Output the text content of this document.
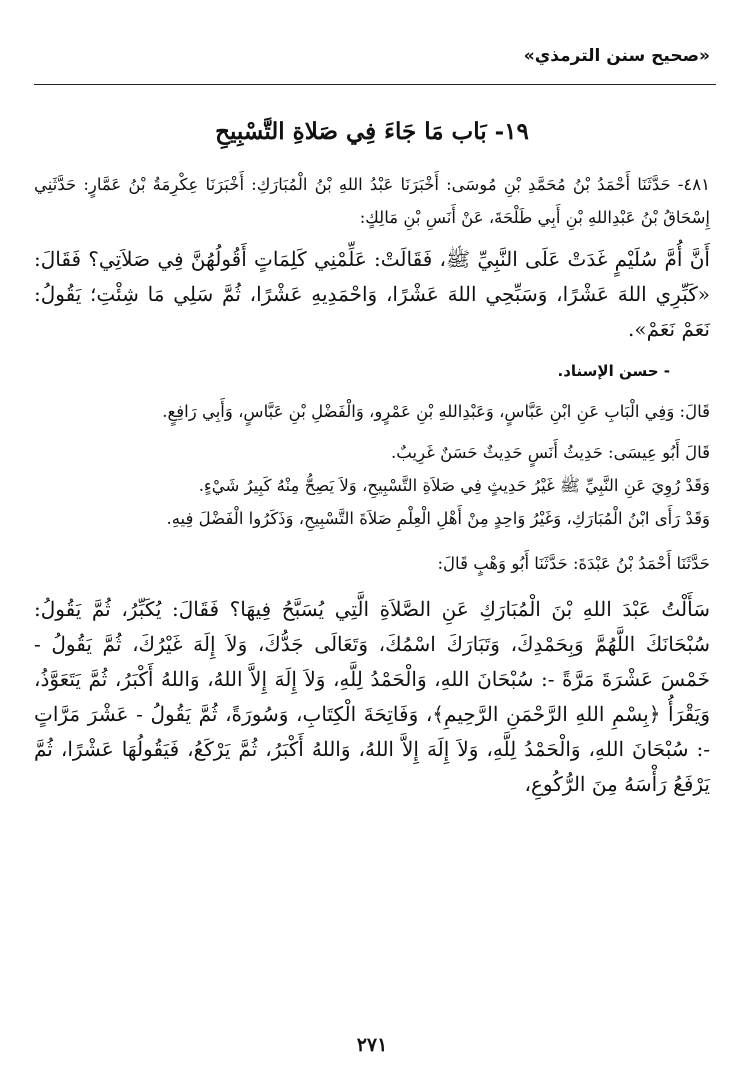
«صحيح سنن الترمذي»
١٩- بَاب مَا جَاءَ فِي صَلاةِ التَّسْبِيحِ

٤٨١- حَدَّثَنَا أَحْمَدُ بْنُ مُحَمَّدِ بْنِ مُوسَى: أَخْبَرَنَا عَبْدُ اللهِ بْنُ الْمُبَارَكِ: أَخْبَرَنَا عِكْرِمَةُ بْنُ عَمَّارٍ: حَدَّثَنِي إِسْحَاقُ بْنُ عَبْدِاللهِ بْنِ أَبِي طَلْحَةَ، عَنْ أَنَسِ بْنِ مَالِكٍ:

أَنَّ أُمَّ سُلَيْمٍ غَدَتْ عَلَى النَّبِيِّ ﷺ، فَقَالَتْ: عَلِّمْنِي كَلِمَاتٍ أَقُولُهُنَّ فِي صَلاَتِي؟ فَقَالَ: «كَبِّرِي اللهَ عَشْرًا، وَسَبِّحِي اللهَ عَشْرًا، وَاحْمَدِيهِ عَشْرًا، ثُمَّ سَلِي مَا شِئْتِ؛ يَقُولُ: نَعَمْ نَعَمْ».

- حسن الإسناد.

قَالَ: وَفِي الْبَابِ عَنِ ابْنِ عَبَّاسٍ، وَعَبْدِاللهِ بْنِ عَمْرٍو، وَالْفَضْلِ بْنِ عَبَّاسٍ، وَأَبِي رَافِعٍ.

قَالَ أَبُو عِيسَى: حَدِيثُ أَنَسٍ حَدِيثٌ حَسَنٌ غَرِيبٌ.

وَقَدْ رُوِيَ عَنِ النَّبِيِّ ﷺ غَيْرُ حَدِيثٍ فِي صَلاَةِ التَّسْبِيحِ، وَلاَ يَصِحُّ مِنْهُ كَبِيرُ شَيْءٍ.

وَقَدْ رَأَى ابْنُ الْمُبَارَكِ، وَغَيْرُ وَاحِدٍ مِنْ أَهْلِ الْعِلْمِ صَلاَةَ التَّسْبِيحِ، وَذَكَرُوا الْفَضْلَ فِيهِ.

حَدَّثَنَا أَحْمَدُ بْنُ عَبْدَةَ: حَدَّثَنَا أَبُو وَهْبٍ قَالَ:

سَأَلْتُ عَبْدَ اللهِ بْنَ الْمُبَارَكِ عَنِ الصَّلاَةِ الَّتِي يُسَبَّحُ فِيهَا؟ فَقَالَ: يُكَبِّرُ، ثُمَّ يَقُولُ: سُبْحَانَكَ اللَّهُمَّ وَبِحَمْدِكَ، وَتَبَارَكَ اسْمُكَ، وَتَعَالَى جَدُّكَ، وَلاَ إِلَهَ غَيْرُكَ، ثُمَّ يَقُولُ - خَمْسَ عَشْرَةَ مَرَّةً -: سُبْحَانَ اللهِ، وَالْحَمْدُ لِلَّهِ، وَلاَ إِلَهَ إِلاَّ اللهُ، وَاللهُ أَكْبَرُ، ثُمَّ يَتَعَوَّذُ، وَيَقْرَأُ ﴿بِسْمِ اللهِ الرَّحْمَنِ الرَّحِيمِ﴾، وَفَاتِحَةَ الْكِتَابِ، وَسُورَةً، ثُمَّ يَقُولُ - عَشْرَ مَرَّاتٍ -: سُبْحَانَ اللهِ، وَالْحَمْدُ لِلَّهِ، وَلاَ إِلَهَ إِلاَّ اللهُ، وَاللهُ أَكْبَرُ، ثُمَّ يَرْكَعُ، فَيَقُولُهَا عَشْرًا، ثُمَّ يَرْفَعُ رَأْسَهُ مِنَ الرُّكُوعِ،

٢٧١
